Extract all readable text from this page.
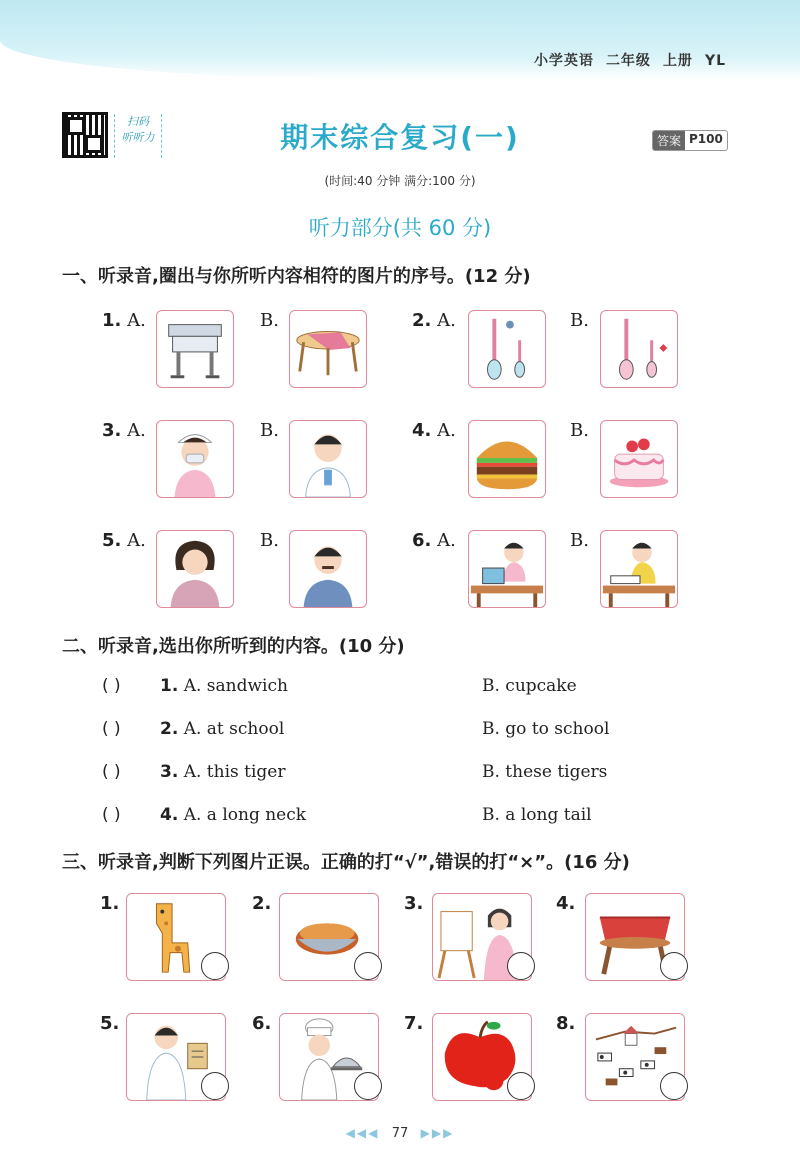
小学英语 二年级 上册 YL
扫码
听听力	期末综合复习(一)	答案 P100
(时间:40 分钟 满分:100 分)
听力部分(共 60 分)
一、听录音,圈出与你所听内容相符的图片的序号。(12 分)
1. A.	B.	2. A.	B.
3. A.	B.	4. A.	B.
5. A.	B.	6. A.	B.
二、听录音,选出你所听到的内容。(10 分)
( ) 1. A. sandwich	B. cupcake
( ) 2. A. at school	B. go to school
( ) 3. A. this tiger	B. these tigers
( ) 4. A. a long neck	B. a long tail
三、听录音,判断下列图片正误。正确的打“√”,错误的打“×”。(16 分)
1.	2.	3.	4.
5.	6.	7.	8.
◀◀◀ 77 ▶▶▶
